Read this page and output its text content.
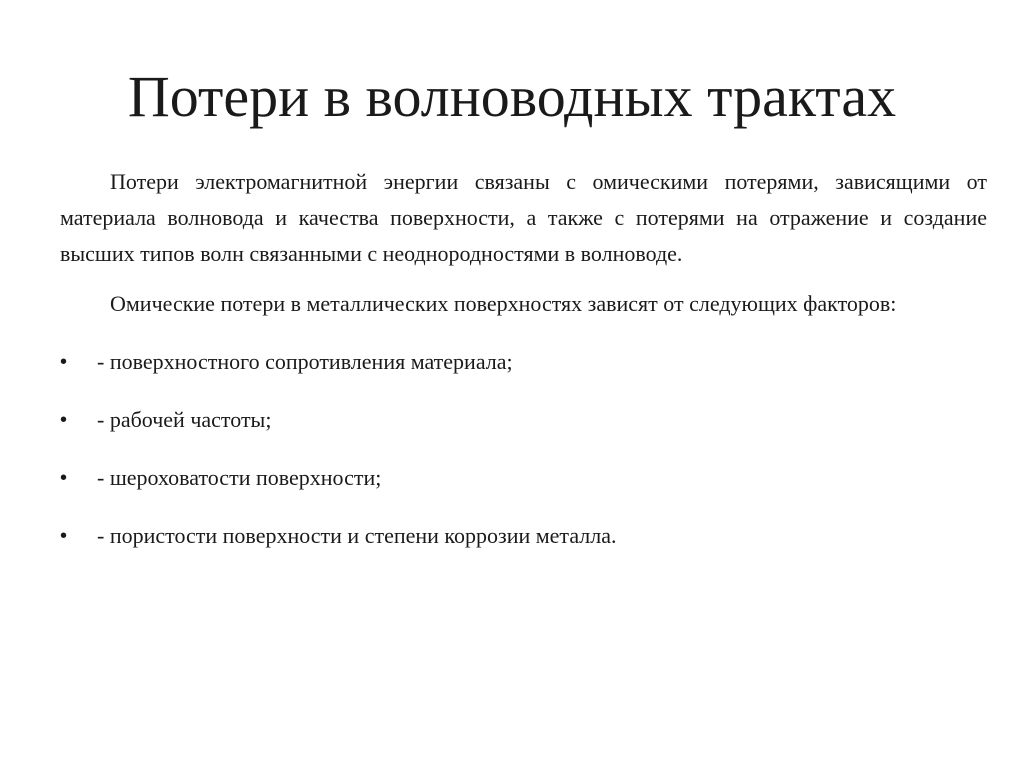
Потери в волноводных трактах

Потери электромагнитной энергии связаны с омическими потерями, зависящими от материала волновода и качества поверхности, а также с потерями на отражение и создание высших типов волн связанными с неоднородностями в волноводе.

Омические потери в металлических поверхностях зависят от следующих факторов:

• - поверхностного сопротивления материала;
• - рабочей частоты;
• - шероховатости поверхности;
• - пористости поверхности и степени коррозии металла.
